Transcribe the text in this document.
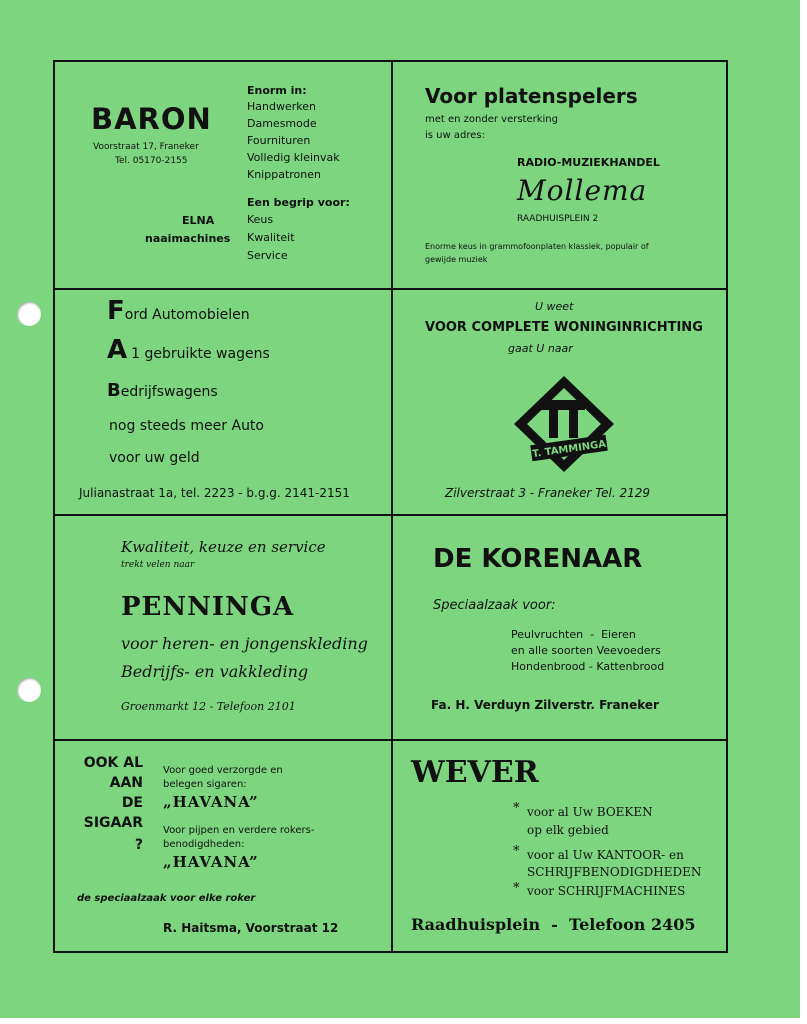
BARON
Voorstraat 17, Franeker
Tel. 05170-2155
Enorm in:
Handwerken
Damesmode
Fournituren
Volledig kleinvak
Knippatronen
Een begrip voor:
Keus
Kwaliteit
Service
ELNA
naaimachines
Voor platenspelers
met en zonder versterking
is uw adres:
RADIO-MUZIEKHANDEL
Mollema
RAADHUISPLEIN 2
Enorme keus in grammofoonplaten klassiek, populair of
gewijde muziek
Ford Automobielen
A 1 gebruikte wagens
Bedrijfswagens
nog steeds meer Auto
voor uw geld
Julianastraat 1a, tel. 2223 - b.g.g. 2141-2151
U weet
VOOR COMPLETE WONINGINRICHTING
gaat U naar
T. TAMMINGA
Zilverstraat 3 - Franeker Tel. 2129
Kwaliteit, keuze en service
trekt velen naar
PENNINGA
voor heren- en jongenskleding
Bedrijfs- en vakkleding
Groenmarkt 12 - Telefoon 2101
DE KORENAAR
Speciaalzaak voor:
Peulvruchten  -  Eieren
en alle soorten Veevoeders
Hondenbrood - Kattenbrood
Fa. H. Verduyn Zilverstr. Franeker
OOK AL
AAN
DE
SIGAAR
?
Voor goed verzorgde en
belegen sigaren:
„HAVANA”
Voor pijpen en verdere rokers-
benodigdheden:
„HAVANA”
de speciaalzaak voor elke roker
R. Haitsma, Voorstraat 12
WEVER
* voor al Uw BOEKEN
op elk gebied
* voor al Uw KANTOOR- en
SCHRIJFBENODIGDHEDEN
* voor SCHRIJFMACHINES
Raadhuisplein  -  Telefoon 2405
